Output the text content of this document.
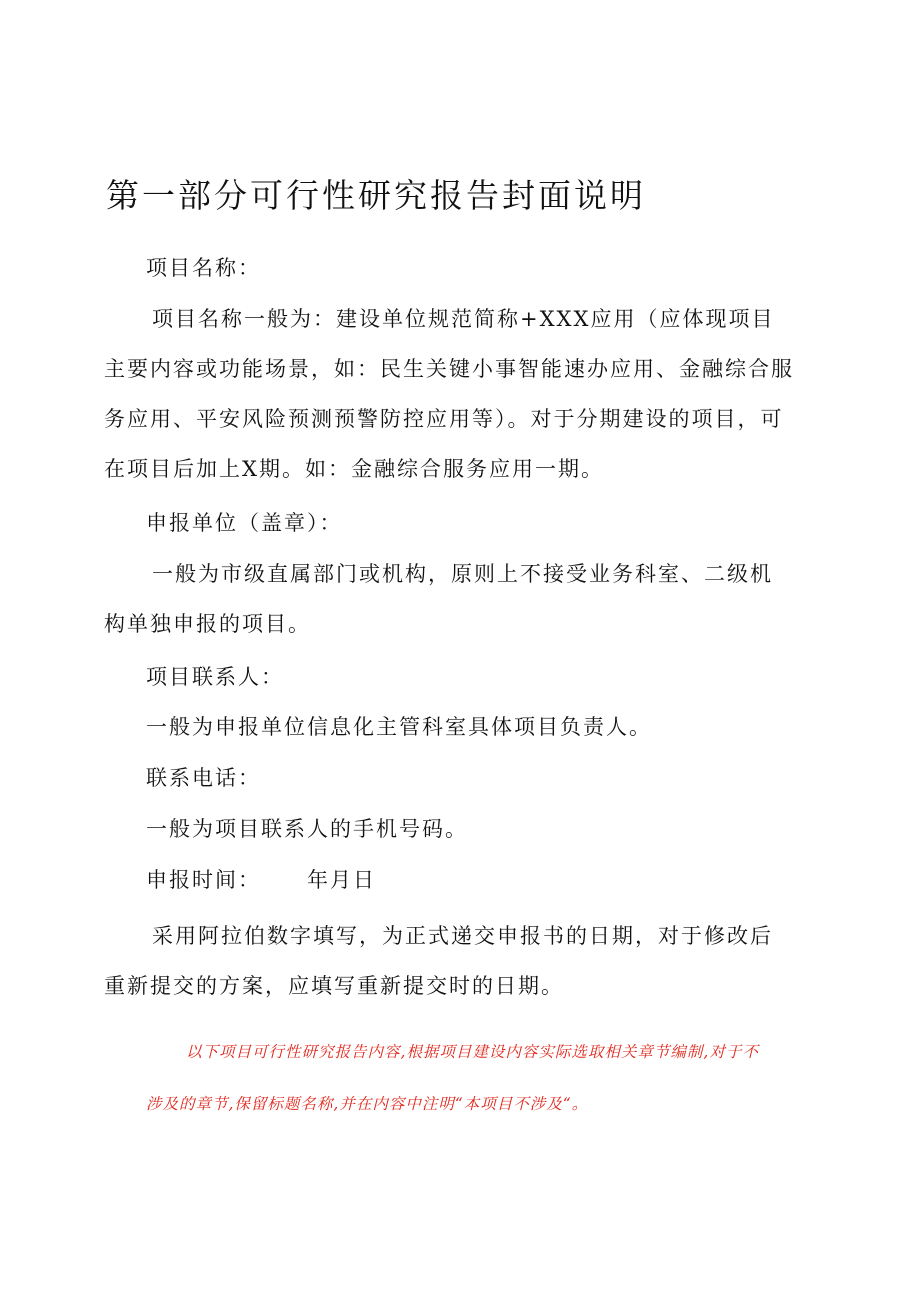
第一部分可行性研究报告封面说明

项目名称：

项目名称一般为：建设单位规范简称+XXX应用（应体现项目主要内容或功能场景，如：民生关键小事智能速办应用、金融综合服务应用、平安风险预测预警防控应用等）。对于分期建设的项目，可在项目后加上X期。如：金融综合服务应用一期。

申报单位（盖章）：

一般为市级直属部门或机构，原则上不接受业务科室、二级机构单独申报的项目。

项目联系人：

一般为申报单位信息化主管科室具体项目负责人。

联系电话：

一般为项目联系人的手机号码。

申报时间： 年月日

采用阿拉伯数字填写，为正式递交申报书的日期，对于修改后重新提交的方案，应填写重新提交时的日期。

以下项目可行性研究报告内容,根据项目建设内容实际选取相关章节编制,对于不

涉及的章节,保留标题名称,并在内容中注明“本项目不涉及“。
